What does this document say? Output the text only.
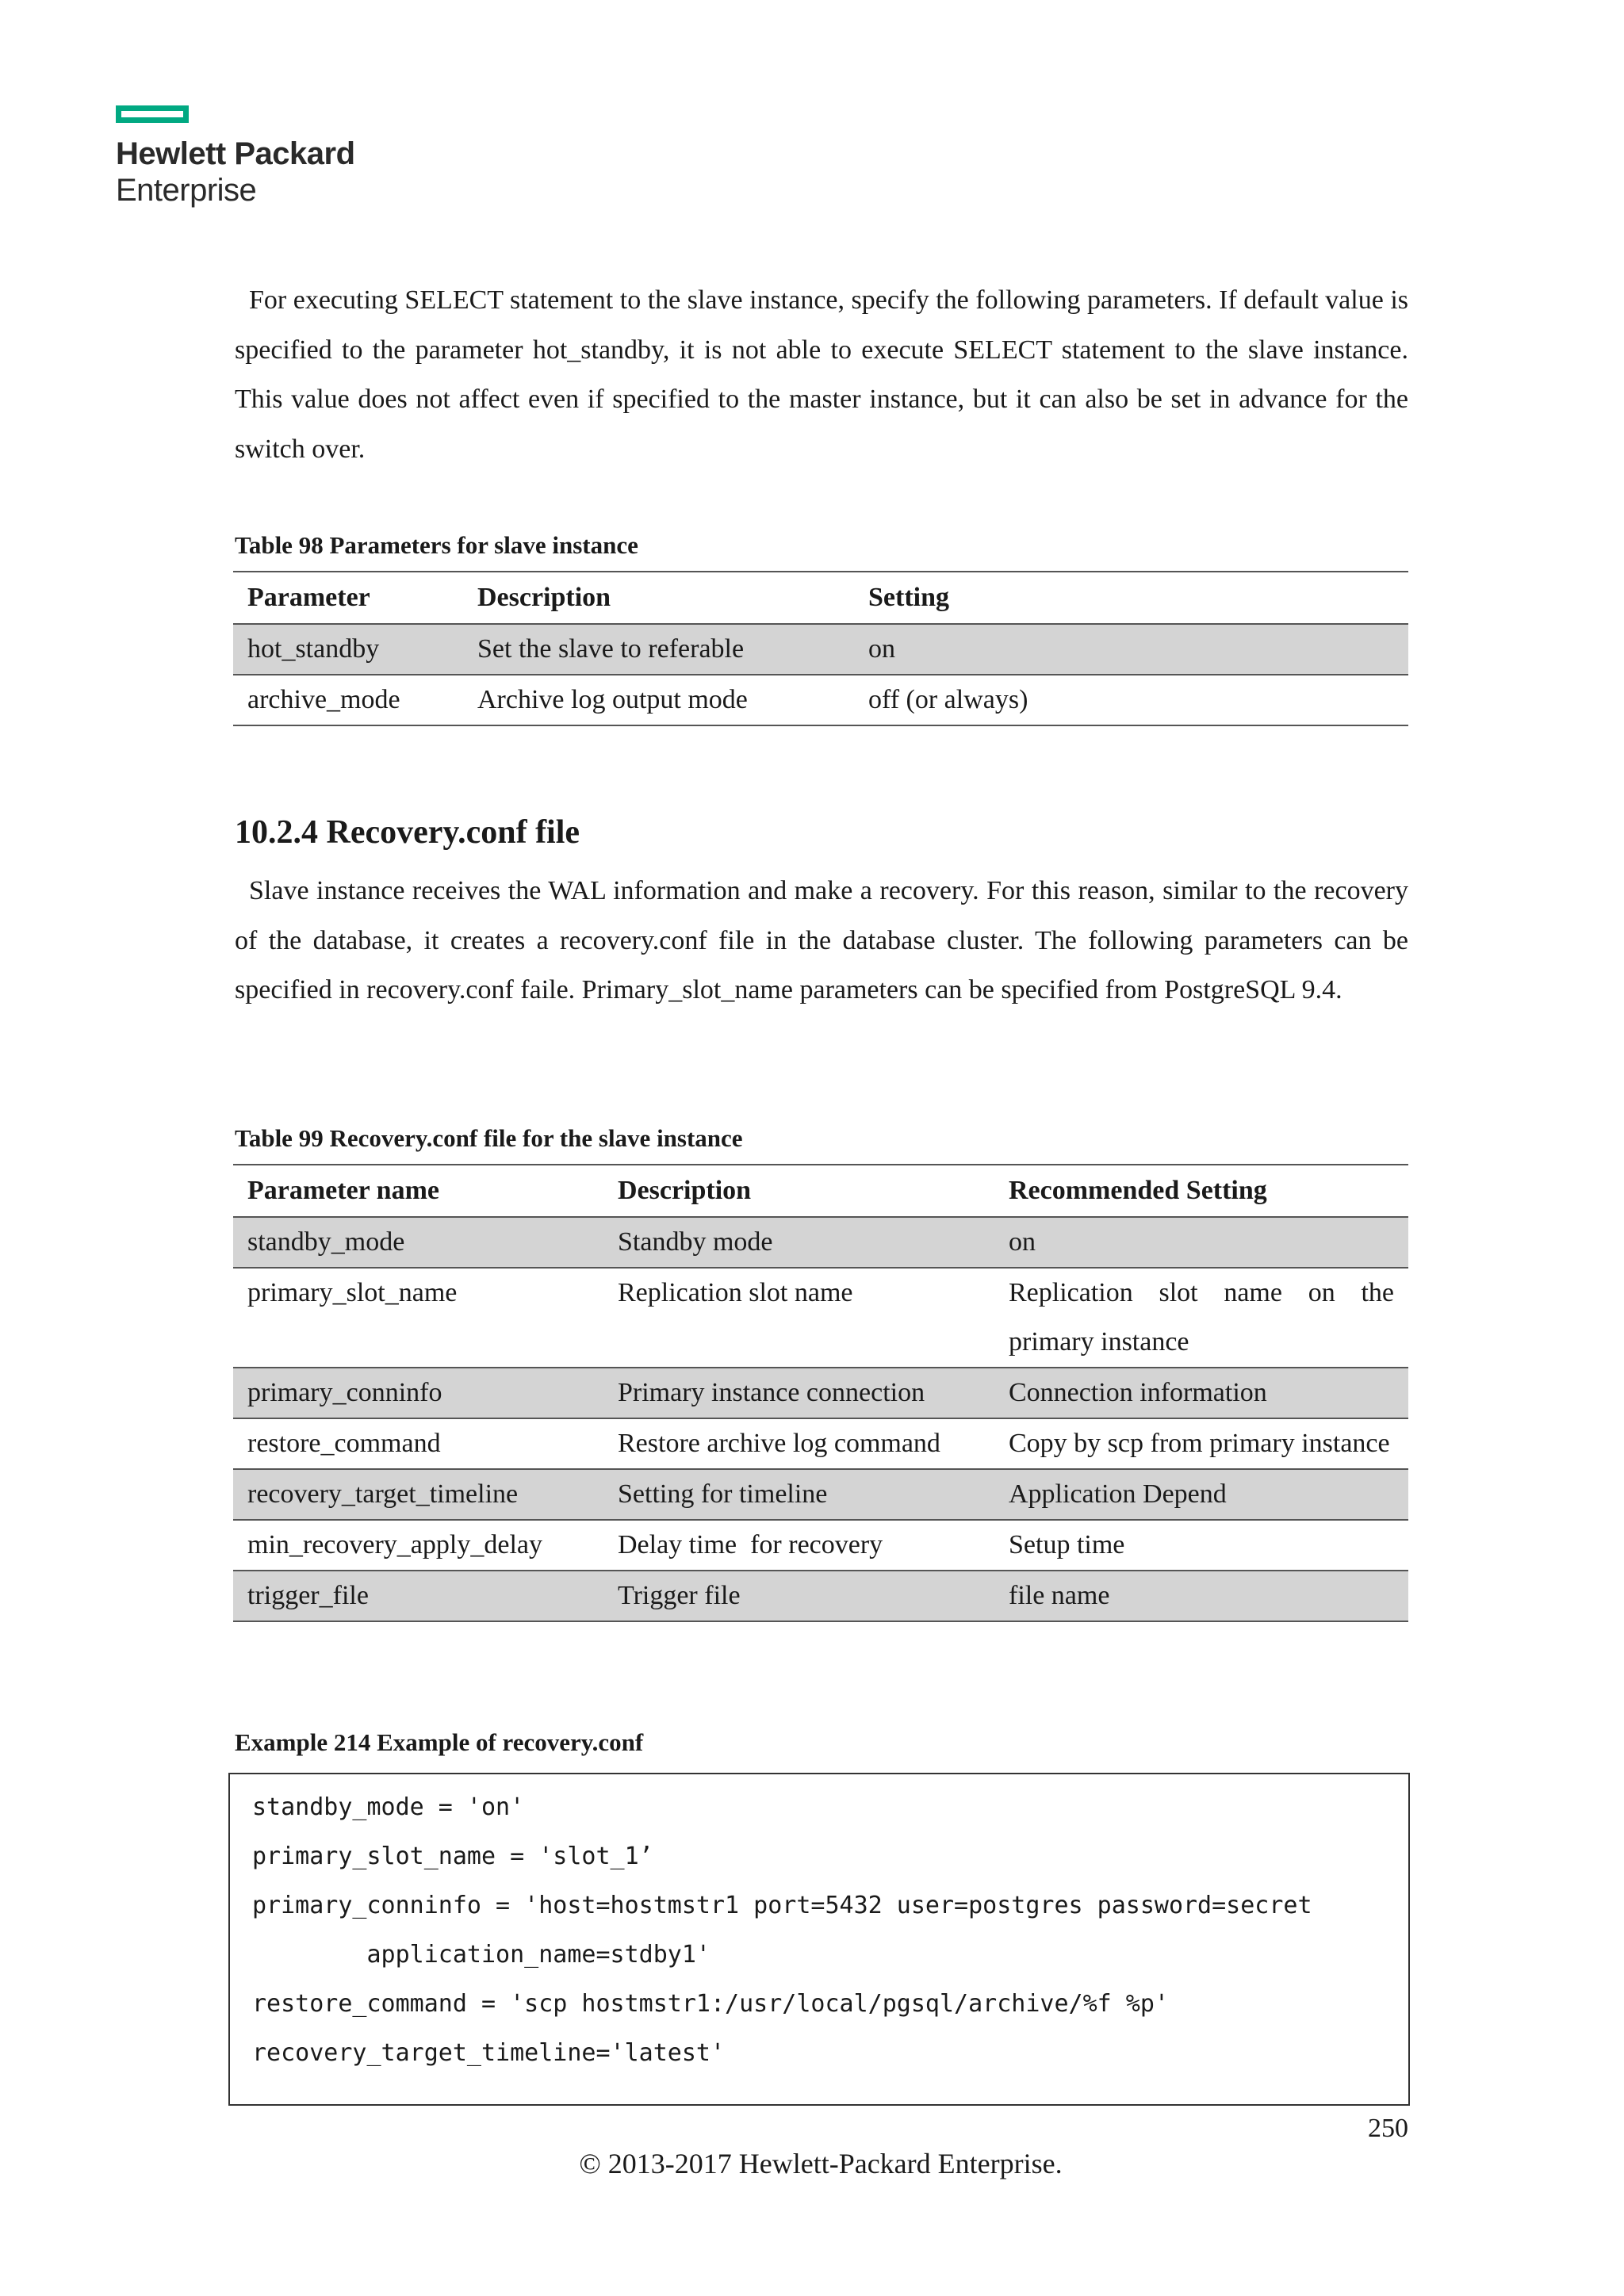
Hewlett Packard
Enterprise

For executing SELECT statement to the slave instance, specify the following parameters. If default value is specified to the parameter hot_standby, it is not able to execute SELECT statement to the slave instance. This value does not affect even if specified to the master instance, but it can also be set in advance for the switch over.

Table 98 Parameters for slave instance
Parameter	Description	Setting
hot_standby	Set the slave to referable	on
archive_mode	Archive log output mode	off (or always)
10.2.4 Recovery.conf file

Slave instance receives the WAL information and make a recovery. For this reason, similar to the recovery of the database, it creates a recovery.conf file in the database cluster. The following parameters can be specified in recovery.conf faile. Primary_slot_name parameters can be specified from PostgreSQL 9.4.

Table 99 Recovery.conf file for the slave instance
Parameter name	Description	Recommended Setting
standby_mode	Standby mode	on
primary_slot_name	Replication slot name	Replication slot name on the primary instance
primary_conninfo	Primary instance connection	Connection information
restore_command	Restore archive log command	Copy by scp from primary instance
recovery_target_timeline	Setting for timeline	Application Depend
min_recovery_apply_delay	Delay time  for recovery	Setup time
trigger_file	Trigger file	file name
Example 214 Example of recovery.conf
standby_mode = 'on'
primary_slot_name = 'slot_1’
primary_conninfo = 'host=hostmstr1 port=5432 user=postgres password=secret
application_name=stdby1'
restore_command = 'scp hostmstr1:/usr/local/pgsql/archive/%f %p'
recovery_target_timeline='latest'
250
© 2013-2017 Hewlett-Packard Enterprise.
